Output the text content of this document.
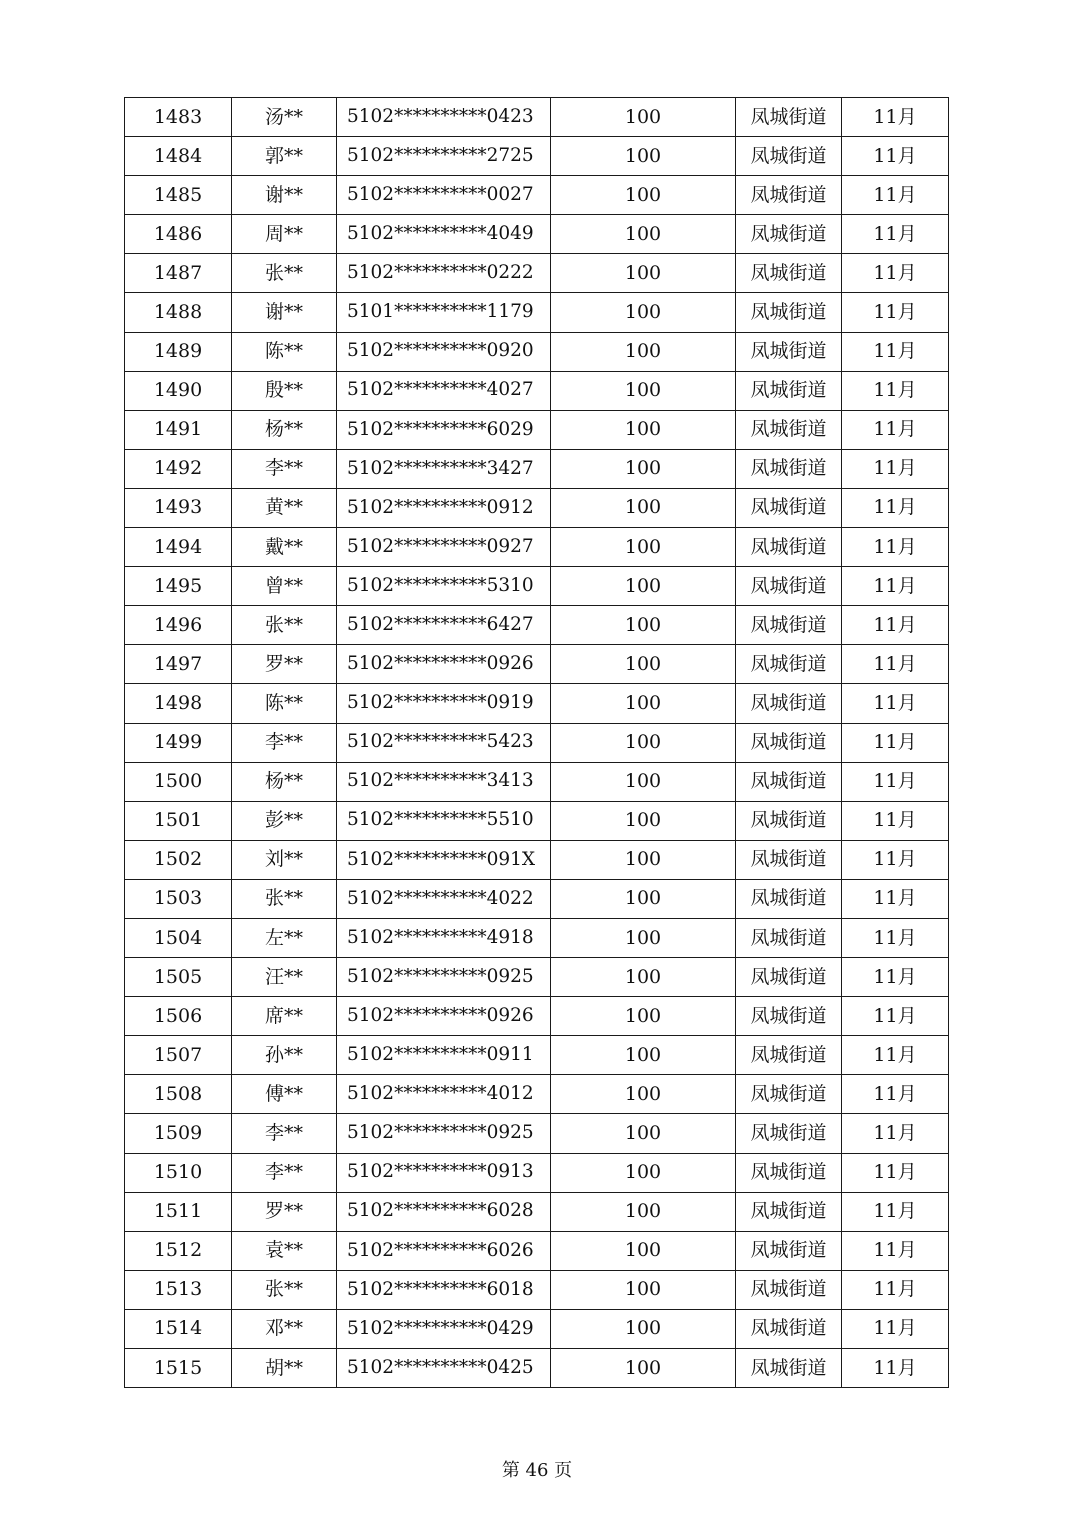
1483	汤**	5102**********0423	100	凤城街道	11月
1484	郭**	5102**********2725	100	凤城街道	11月
1485	谢**	5102**********0027	100	凤城街道	11月
1486	周**	5102**********4049	100	凤城街道	11月
1487	张**	5102**********0222	100	凤城街道	11月
1488	谢**	5101**********1179	100	凤城街道	11月
1489	陈**	5102**********0920	100	凤城街道	11月
1490	殷**	5102**********4027	100	凤城街道	11月
1491	杨**	5102**********6029	100	凤城街道	11月
1492	李**	5102**********3427	100	凤城街道	11月
1493	黄**	5102**********0912	100	凤城街道	11月
1494	戴**	5102**********0927	100	凤城街道	11月
1495	曾**	5102**********5310	100	凤城街道	11月
1496	张**	5102**********6427	100	凤城街道	11月
1497	罗**	5102**********0926	100	凤城街道	11月
1498	陈**	5102**********0919	100	凤城街道	11月
1499	李**	5102**********5423	100	凤城街道	11月
1500	杨**	5102**********3413	100	凤城街道	11月
1501	彭**	5102**********5510	100	凤城街道	11月
1502	刘**	5102**********091X	100	凤城街道	11月
1503	张**	5102**********4022	100	凤城街道	11月
1504	左**	5102**********4918	100	凤城街道	11月
1505	汪**	5102**********0925	100	凤城街道	11月
1506	席**	5102**********0926	100	凤城街道	11月
1507	孙**	5102**********0911	100	凤城街道	11月
1508	傅**	5102**********4012	100	凤城街道	11月
1509	李**	5102**********0925	100	凤城街道	11月
1510	李**	5102**********0913	100	凤城街道	11月
1511	罗**	5102**********6028	100	凤城街道	11月
1512	袁**	5102**********6026	100	凤城街道	11月
1513	张**	5102**********6018	100	凤城街道	11月
1514	邓**	5102**********0429	100	凤城街道	11月
1515	胡**	5102**********0425	100	凤城街道	11月
第 46 页
